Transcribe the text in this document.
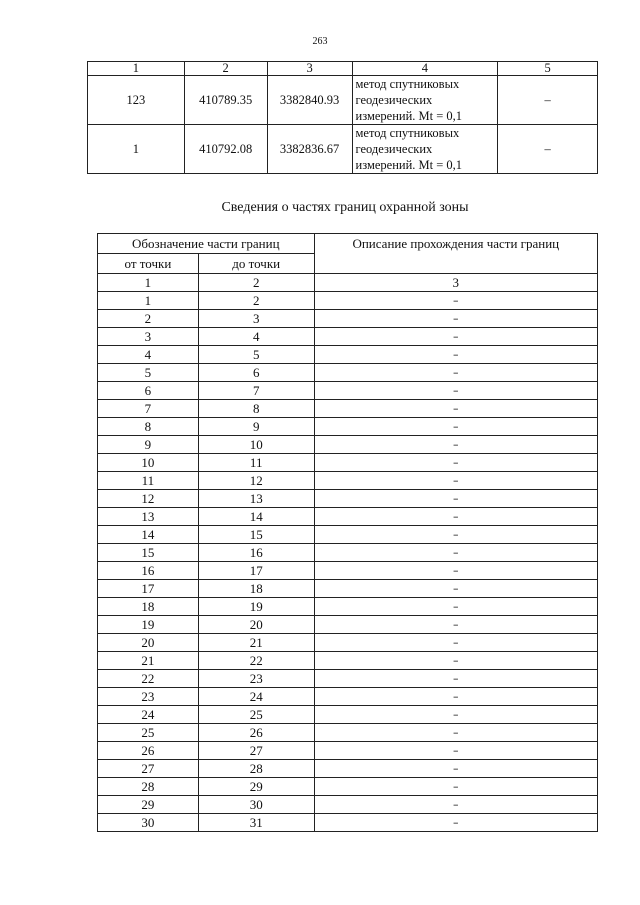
263
1	2	3	4	5
123	410789.35	3382840.93	метод спутниковых
геодезических
измерений. Mt = 0,1	–
1	410792.08	3382836.67	метод спутниковых
геодезических
измерений. Mt = 0,1	–
Сведения о частях границ охранной зоны
Обозначение части границ		Описание прохождения части границ
от точки	до точки	
1	2	3
1	2	–
2	3	–
3	4	–
4	5	–
5	6	–
6	7	–
7	8	–
8	9	–
9	10	–
10	11	–
11	12	–
12	13	–
13	14	–
14	15	–
15	16	–
16	17	–
17	18	–
18	19	–
19	20	–
20	21	–
21	22	–
22	23	–
23	24	–
24	25	–
25	26	–
26	27	–
27	28	–
28	29	–
29	30	–
30	31	–
